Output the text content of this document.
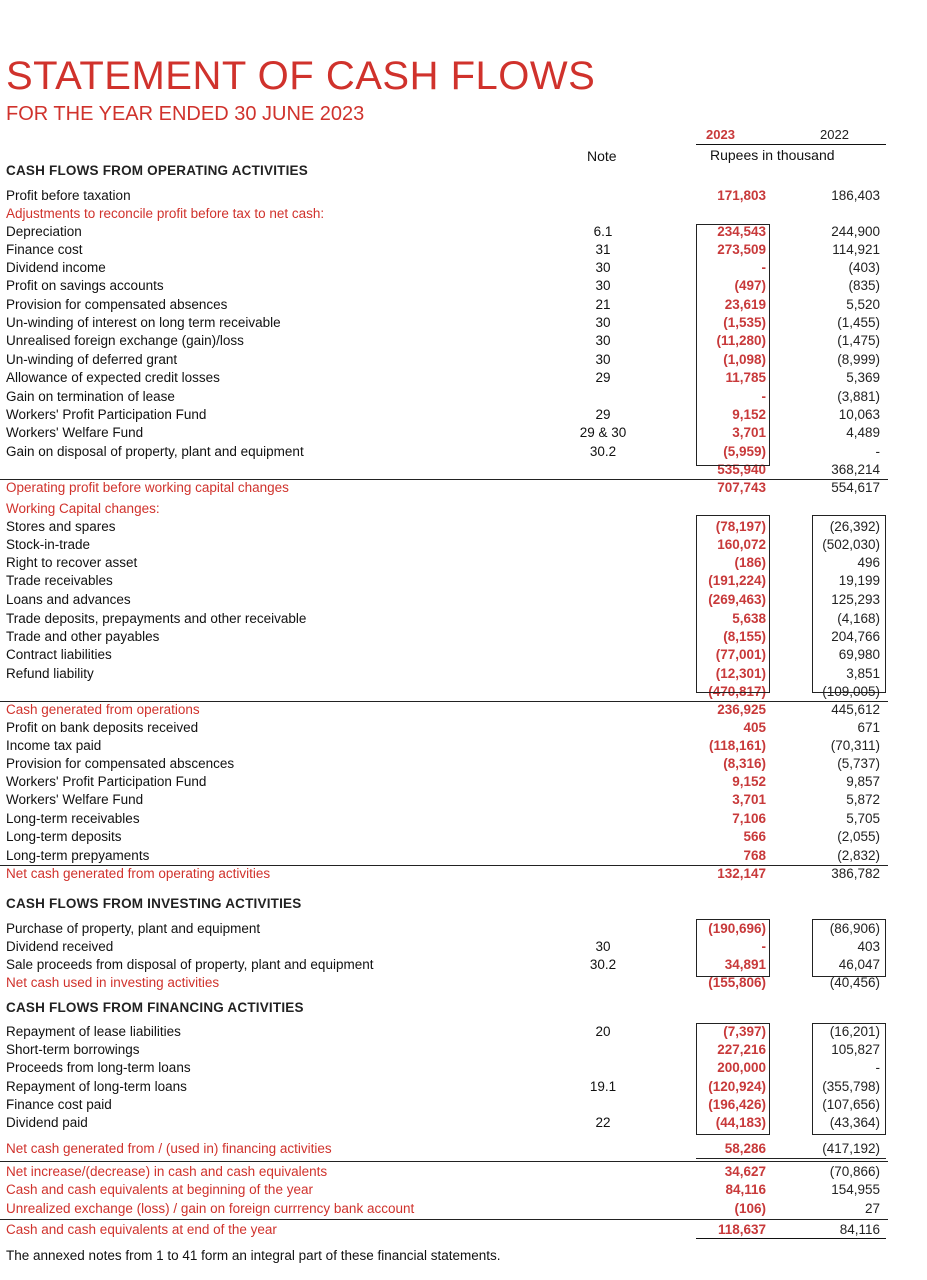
STATEMENT OF CASH FLOWS
FOR THE YEAR ENDED 30 JUNE 2023
2023	2022
Note	Rupees in thousand
CASH FLOWS FROM OPERATING ACTIVITIES
Profit before taxation	171,803	186,403
Adjustments to reconcile profit before tax to net cash:
Depreciation	6.1	234,543	244,900
Finance cost	31	273,509	114,921
Dividend income	30	-	(403)
Profit on savings accounts	30	(497)	(835)
Provision for compensated absences	21	23,619	5,520
Un-winding of interest on long term receivable	30	(1,535)	(1,455)
Unrealised foreign exchange (gain)/loss	30	(11,280)	(1,475)
Un-winding of deferred grant	30	(1,098)	(8,999)
Allowance of expected credit losses	29	11,785	5,369
Gain on termination of lease	-	(3,881)
Workers' Profit Participation Fund	29	9,152	10,063
Workers' Welfare Fund	29 & 30	3,701	4,489
Gain on disposal of property, plant and equipment	30.2	(5,959)	-
535,940	368,214
Operating profit before working capital changes	707,743	554,617
Working Capital changes:
Stores and spares	(78,197)	(26,392)
Stock-in-trade	160,072	(502,030)
Right to recover asset	(186)	496
Trade receivables	(191,224)	19,199
Loans and advances	(269,463)	125,293
Trade deposits, prepayments and other receivable	5,638	(4,168)
Trade and other payables	(8,155)	204,766
Contract liabilities	(77,001)	69,980
Refund liability	(12,301)	3,851
(470,817)	(109,005)
Cash generated from operations	236,925	445,612
Profit on bank deposits received	405	671
Income tax paid	(118,161)	(70,311)
Provision for compensated abscences	(8,316)	(5,737)
Workers' Profit Participation Fund	9,152	9,857
Workers' Welfare Fund	3,701	5,872
Long-term receivables	7,106	5,705
Long-term deposits	566	(2,055)
Long-term prepyaments	768	(2,832)
Net cash generated from operating activities	132,147	386,782
CASH FLOWS FROM INVESTING ACTIVITIES
Purchase of property, plant and equipment	(190,696)	(86,906)
Dividend received	30	-	403
Sale proceeds from disposal of property, plant and equipment	30.2	34,891	46,047
Net cash used in investing activities	(155,806)	(40,456)
CASH FLOWS FROM FINANCING ACTIVITIES
Repayment of lease liabilities	20	(7,397)	(16,201)
Short-term borrowings	227,216	105,827
Proceeds from long-term loans	200,000	-
Repayment of long-term loans	19.1	(120,924)	(355,798)
Finance cost paid	(196,426)	(107,656)
Dividend paid	22	(44,183)	(43,364)
Net cash generated from / (used in) financing activities	58,286	(417,192)
Net increase/(decrease) in cash and cash equivalents	34,627	(70,866)
Cash and cash equivalents at beginning of the year	84,116	154,955
Unrealized exchange (loss) / gain on foreign currrency bank account	(106)	27
Cash and cash equivalents at end of the year	118,637	84,116
The annexed notes from 1 to 41 form an integral part of these financial statements.
